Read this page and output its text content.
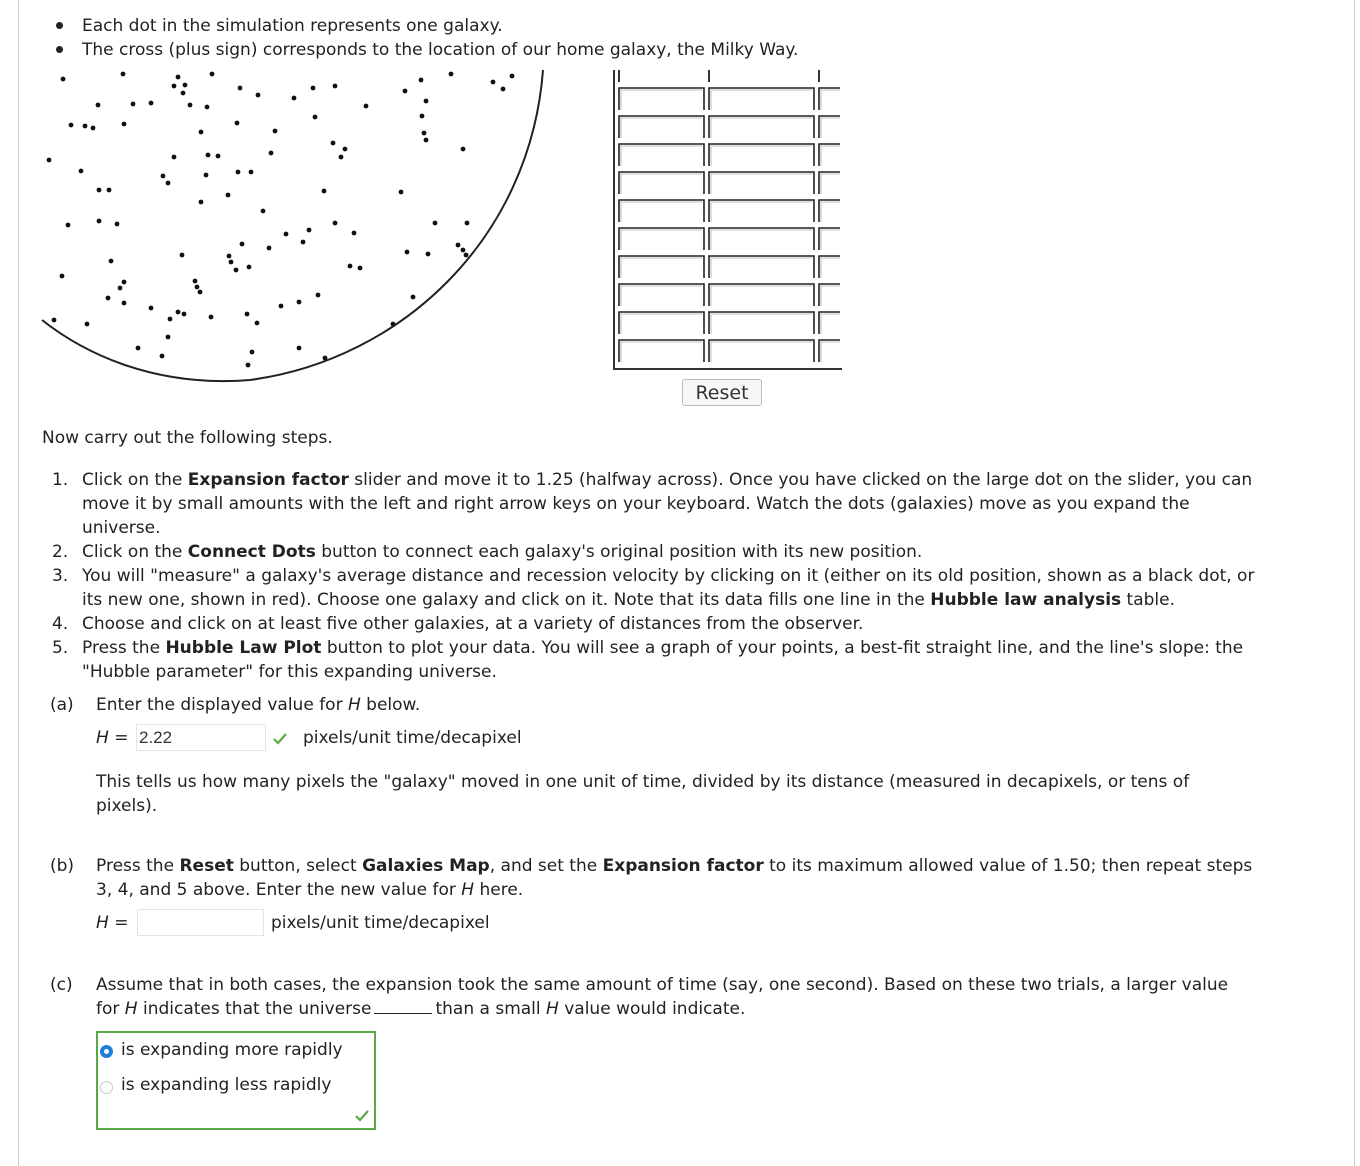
Each dot in the simulation represents one galaxy.
The cross (plus sign) corresponds to the location of our home galaxy, the Milky Way.
Reset
Now carry out the following steps.
1. Click on the Expansion factor slider and move it to 1.25 (halfway across). Once you have clicked on the large dot on the slider, you can
move it by small amounts with the left and right arrow keys on your keyboard. Watch the dots (galaxies) move as you expand the
universe.
2. Click on the Connect Dots button to connect each galaxy's original position with its new position.
3. You will "measure" a galaxy's average distance and recession velocity by clicking on it (either on its old position, shown as a black dot, or
its new one, shown in red). Choose one galaxy and click on it. Note that its data fills one line in the Hubble law analysis table.
4. Choose and click on at least five other galaxies, at a variety of distances from the observer.
5. Press the Hubble Law Plot button to plot your data. You will see a graph of your points, a best-fit straight line, and the line's slope: the
"Hubble parameter" for this expanding universe.
(a) Enter the displayed value for H below.
H = 2.22	pixels/unit time/decapixel
This tells us how many pixels the "galaxy" moved in one unit of time, divided by its distance (measured in decapixels, or tens of
pixels).
(b) Press the Reset button, select Galaxies Map, and set the Expansion factor to its maximum allowed value of 1.50; then repeat steps
3, 4, and 5 above. Enter the new value for H here.
H =	pixels/unit time/decapixel
(c) Assume that in both cases, the expansion took the same amount of time (say, one second). Based on these two trials, a larger value
for H indicates that the universe	than a small H value would indicate.
is expanding more rapidly
is expanding less rapidly
